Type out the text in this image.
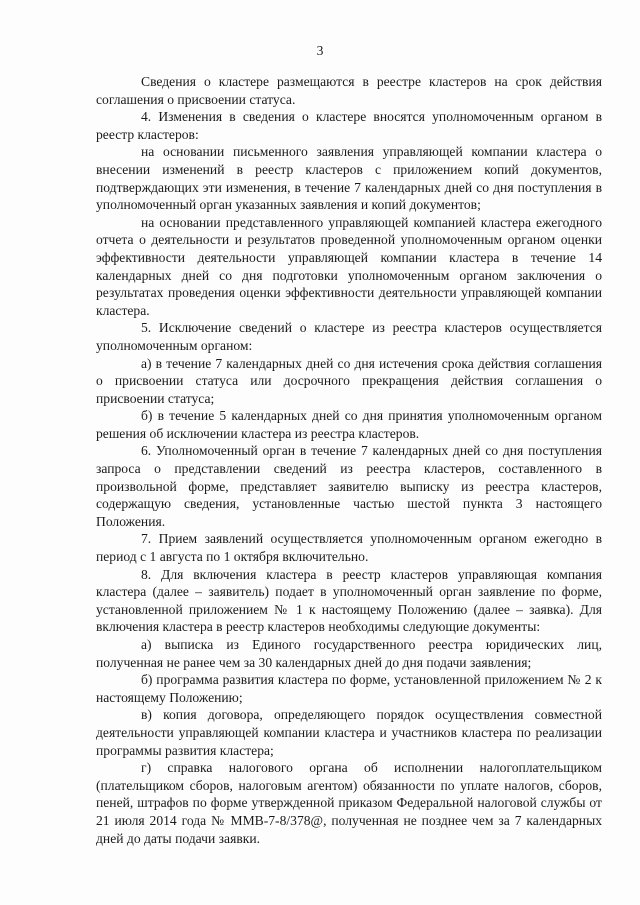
3

Сведения о кластере размещаются в реестре кластеров на срок действия соглашения о присвоении статуса.

4. Изменения в сведения о кластере вносятся уполномоченным органом в реестр кластеров:

на основании письменного заявления управляющей компании кластера о внесении изменений в реестр кластеров с приложением копий документов, подтверждающих эти изменения, в течение 7 календарных дней со дня поступления в уполномоченный орган указанных заявления и копий документов;

на основании представленного управляющей компанией кластера ежегодного отчета о деятельности и результатов проведенной уполномоченным органом оценки эффективности деятельности управляющей компании кластера в течение 14 календарных дней со дня подготовки уполномоченным органом заключения о результатах проведения оценки эффективности деятельности управляющей компании кластера.

5. Исключение сведений о кластере из реестра кластеров осуществляется уполномоченным органом:

а) в течение 7 календарных дней со дня истечения срока действия соглашения о присвоении статуса или досрочного прекращения действия соглашения о присвоении статуса;

б) в течение 5 календарных дней со дня принятия уполномоченным органом решения об исключении кластера из реестра кластеров.

6. Уполномоченный орган в течение 7 календарных дней со дня поступления запроса о представлении сведений из реестра кластеров, составленного в произвольной форме, представляет заявителю выписку из реестра кластеров, содержащую сведения, установленные частью шестой пункта 3 настоящего Положения.

7. Прием заявлений осуществляется уполномоченным органом ежегодно в период с 1 августа по 1 октября включительно.

8. Для включения кластера в реестр кластеров управляющая компания кластера (далее – заявитель) подает в уполномоченный орган заявление по форме, установленной приложением № 1 к настоящему Положению (далее – заявка). Для включения кластера в реестр кластеров необходимы следующие документы:

а) выписка из Единого государственного реестра юридических лиц, полученная не ранее чем за 30 календарных дней до дня подачи заявления;

б) программа развития кластера по форме, установленной приложением № 2 к настоящему Положению;

в) копия договора, определяющего порядок осуществления совместной деятельности управляющей компании кластера и участников кластера по реализации программы развития кластера;

г) справка налогового органа об исполнении налогоплательщиком (плательщиком сборов, налоговым агентом) обязанности по уплате налогов, сборов, пеней, штрафов по форме утвержденной приказом Федеральной налоговой службы от 21 июля 2014 года № ММВ-7-8/378@, полученная не позднее чем за 7 календарных дней до даты подачи заявки.
